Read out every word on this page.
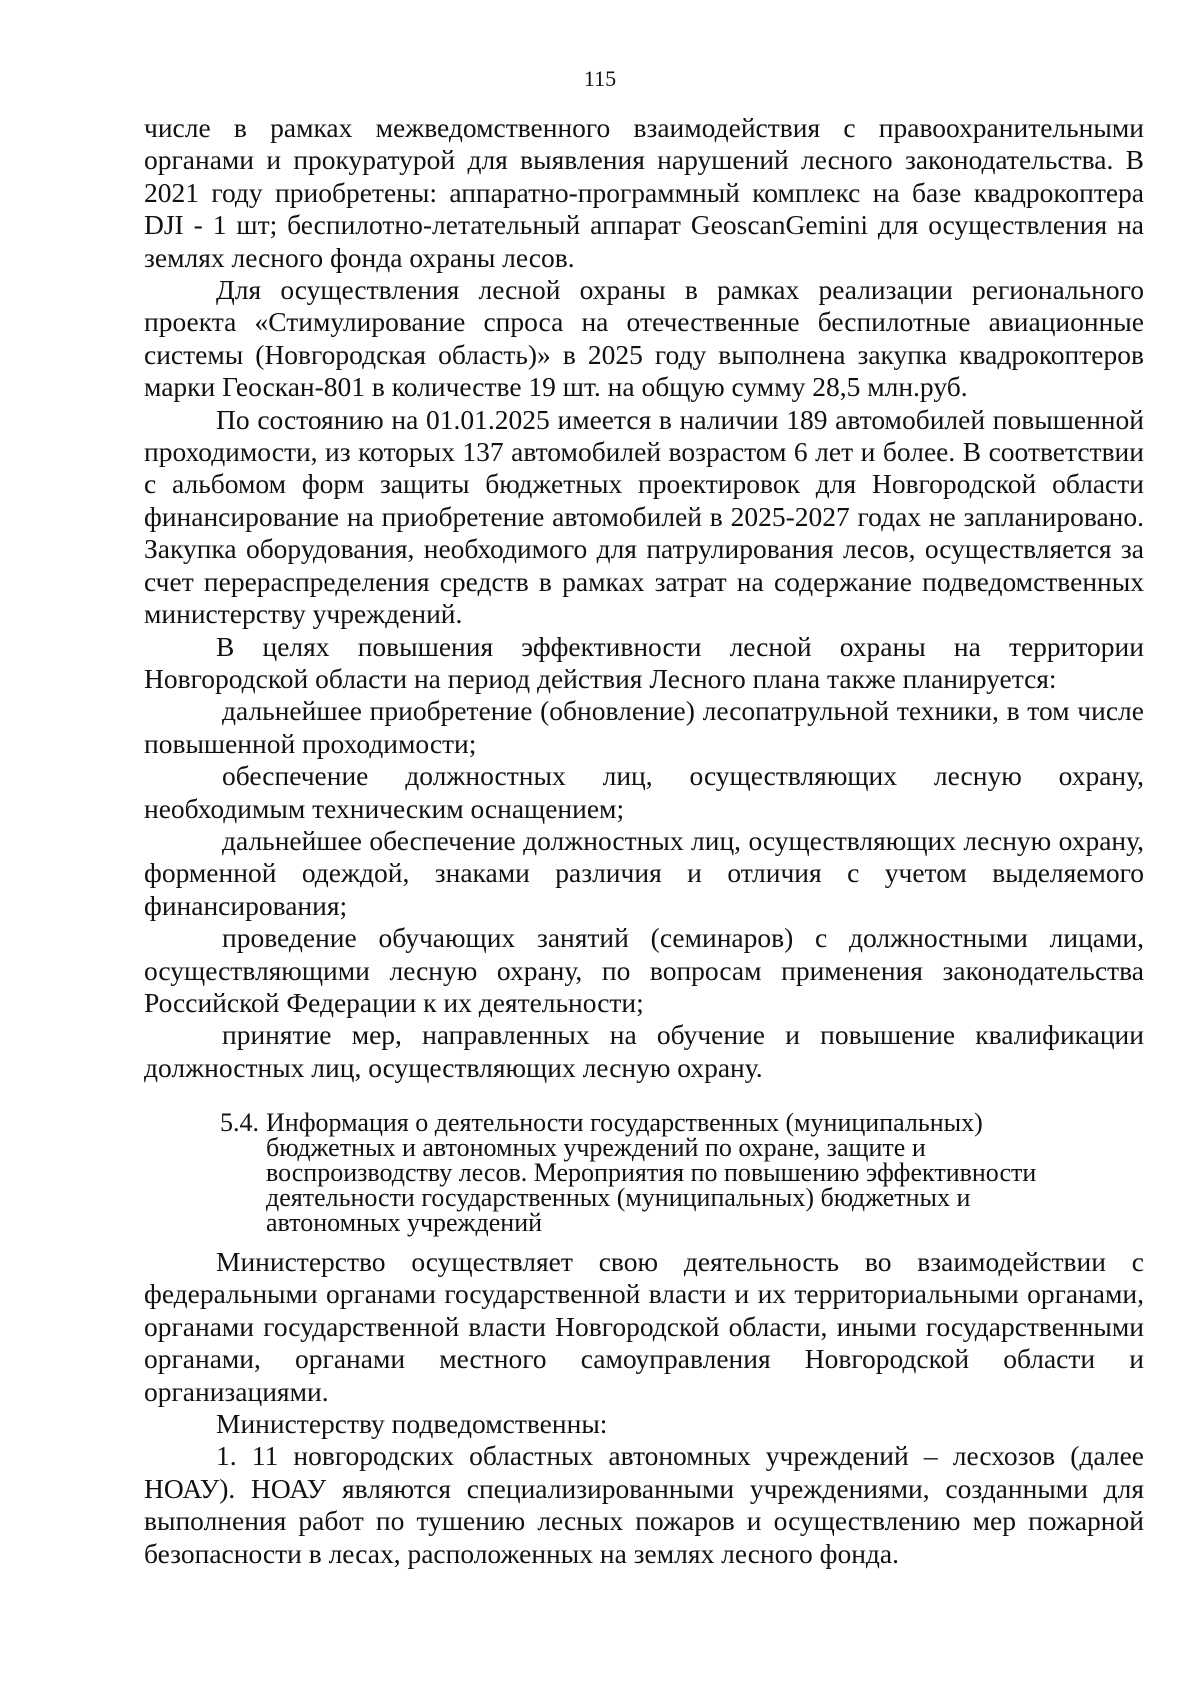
115

числе в рамках межведомственного взаимодействия с правоохранительными органами и прокуратурой для выявления нарушений лесного законодательства. В 2021 году приобретены: аппаратно-программный комплекс на базе квадрокоптера DJI - 1 шт; беспилотно-летательный аппарат GeoscanGemini для осуществления на землях лесного фонда охраны лесов.

Для осуществления лесной охраны в рамках реализации регионального проекта «Стимулирование спроса на отечественные беспилотные авиационные системы (Новгородская область)» в 2025 году выполнена закупка квадрокоптеров марки Геоскан-801 в количестве 19 шт. на общую сумму 28,5 млн.руб.

По состоянию на 01.01.2025 имеется в наличии 189 автомобилей повышенной проходимости, из которых 137 автомобилей возрастом 6 лет и более. В соответствии с альбомом форм защиты бюджетных проектировок для Новгородской области финансирование на приобретение автомобилей в 2025-2027 годах не запланировано. Закупка оборудования, необходимого для патрулирования лесов, осуществляется за счет перераспределения средств в рамках затрат на содержание подведомственных министерству учреждений.

В целях повышения эффективности лесной охраны на территории Новгородской области на период действия Лесного плана также планируется:

дальнейшее приобретение (обновление) лесопатрульной техники, в том числе повышенной проходимости;

обеспечение должностных лиц, осуществляющих лесную охрану, необходимым техническим оснащением;

дальнейшее обеспечение должностных лиц, осуществляющих лесную охрану, форменной одеждой, знаками различия и отличия с учетом выделяемого финансирования;

проведение обучающих занятий (семинаров) с должностными лицами, осуществляющими лесную охрану, по вопросам применения законодательства Российской Федерации к их деятельности;

принятие мер, направленных на обучение и повышение квалификации должностных лиц, осуществляющих лесную охрану.

5.4. Информация о деятельности государственных (муниципальных) бюджетных и автономных учреждений по охране, защите и воспроизводству лесов. Мероприятия по повышению эффективности деятельности государственных (муниципальных) бюджетных и автономных учреждений

Министерство осуществляет свою деятельность во взаимодействии с федеральными органами государственной власти и их территориальными органами, органами государственной власти Новгородской области, иными государственными органами, органами местного самоуправления Новгородской области и организациями.

Министерству подведомственны:

1. 11 новгородских областных автономных учреждений – лесхозов (далее НОАУ). НОАУ являются специализированными учреждениями, созданными для выполнения работ по тушению лесных пожаров и осуществлению мер пожарной безопасности в лесах, расположенных на землях лесного фонда.
